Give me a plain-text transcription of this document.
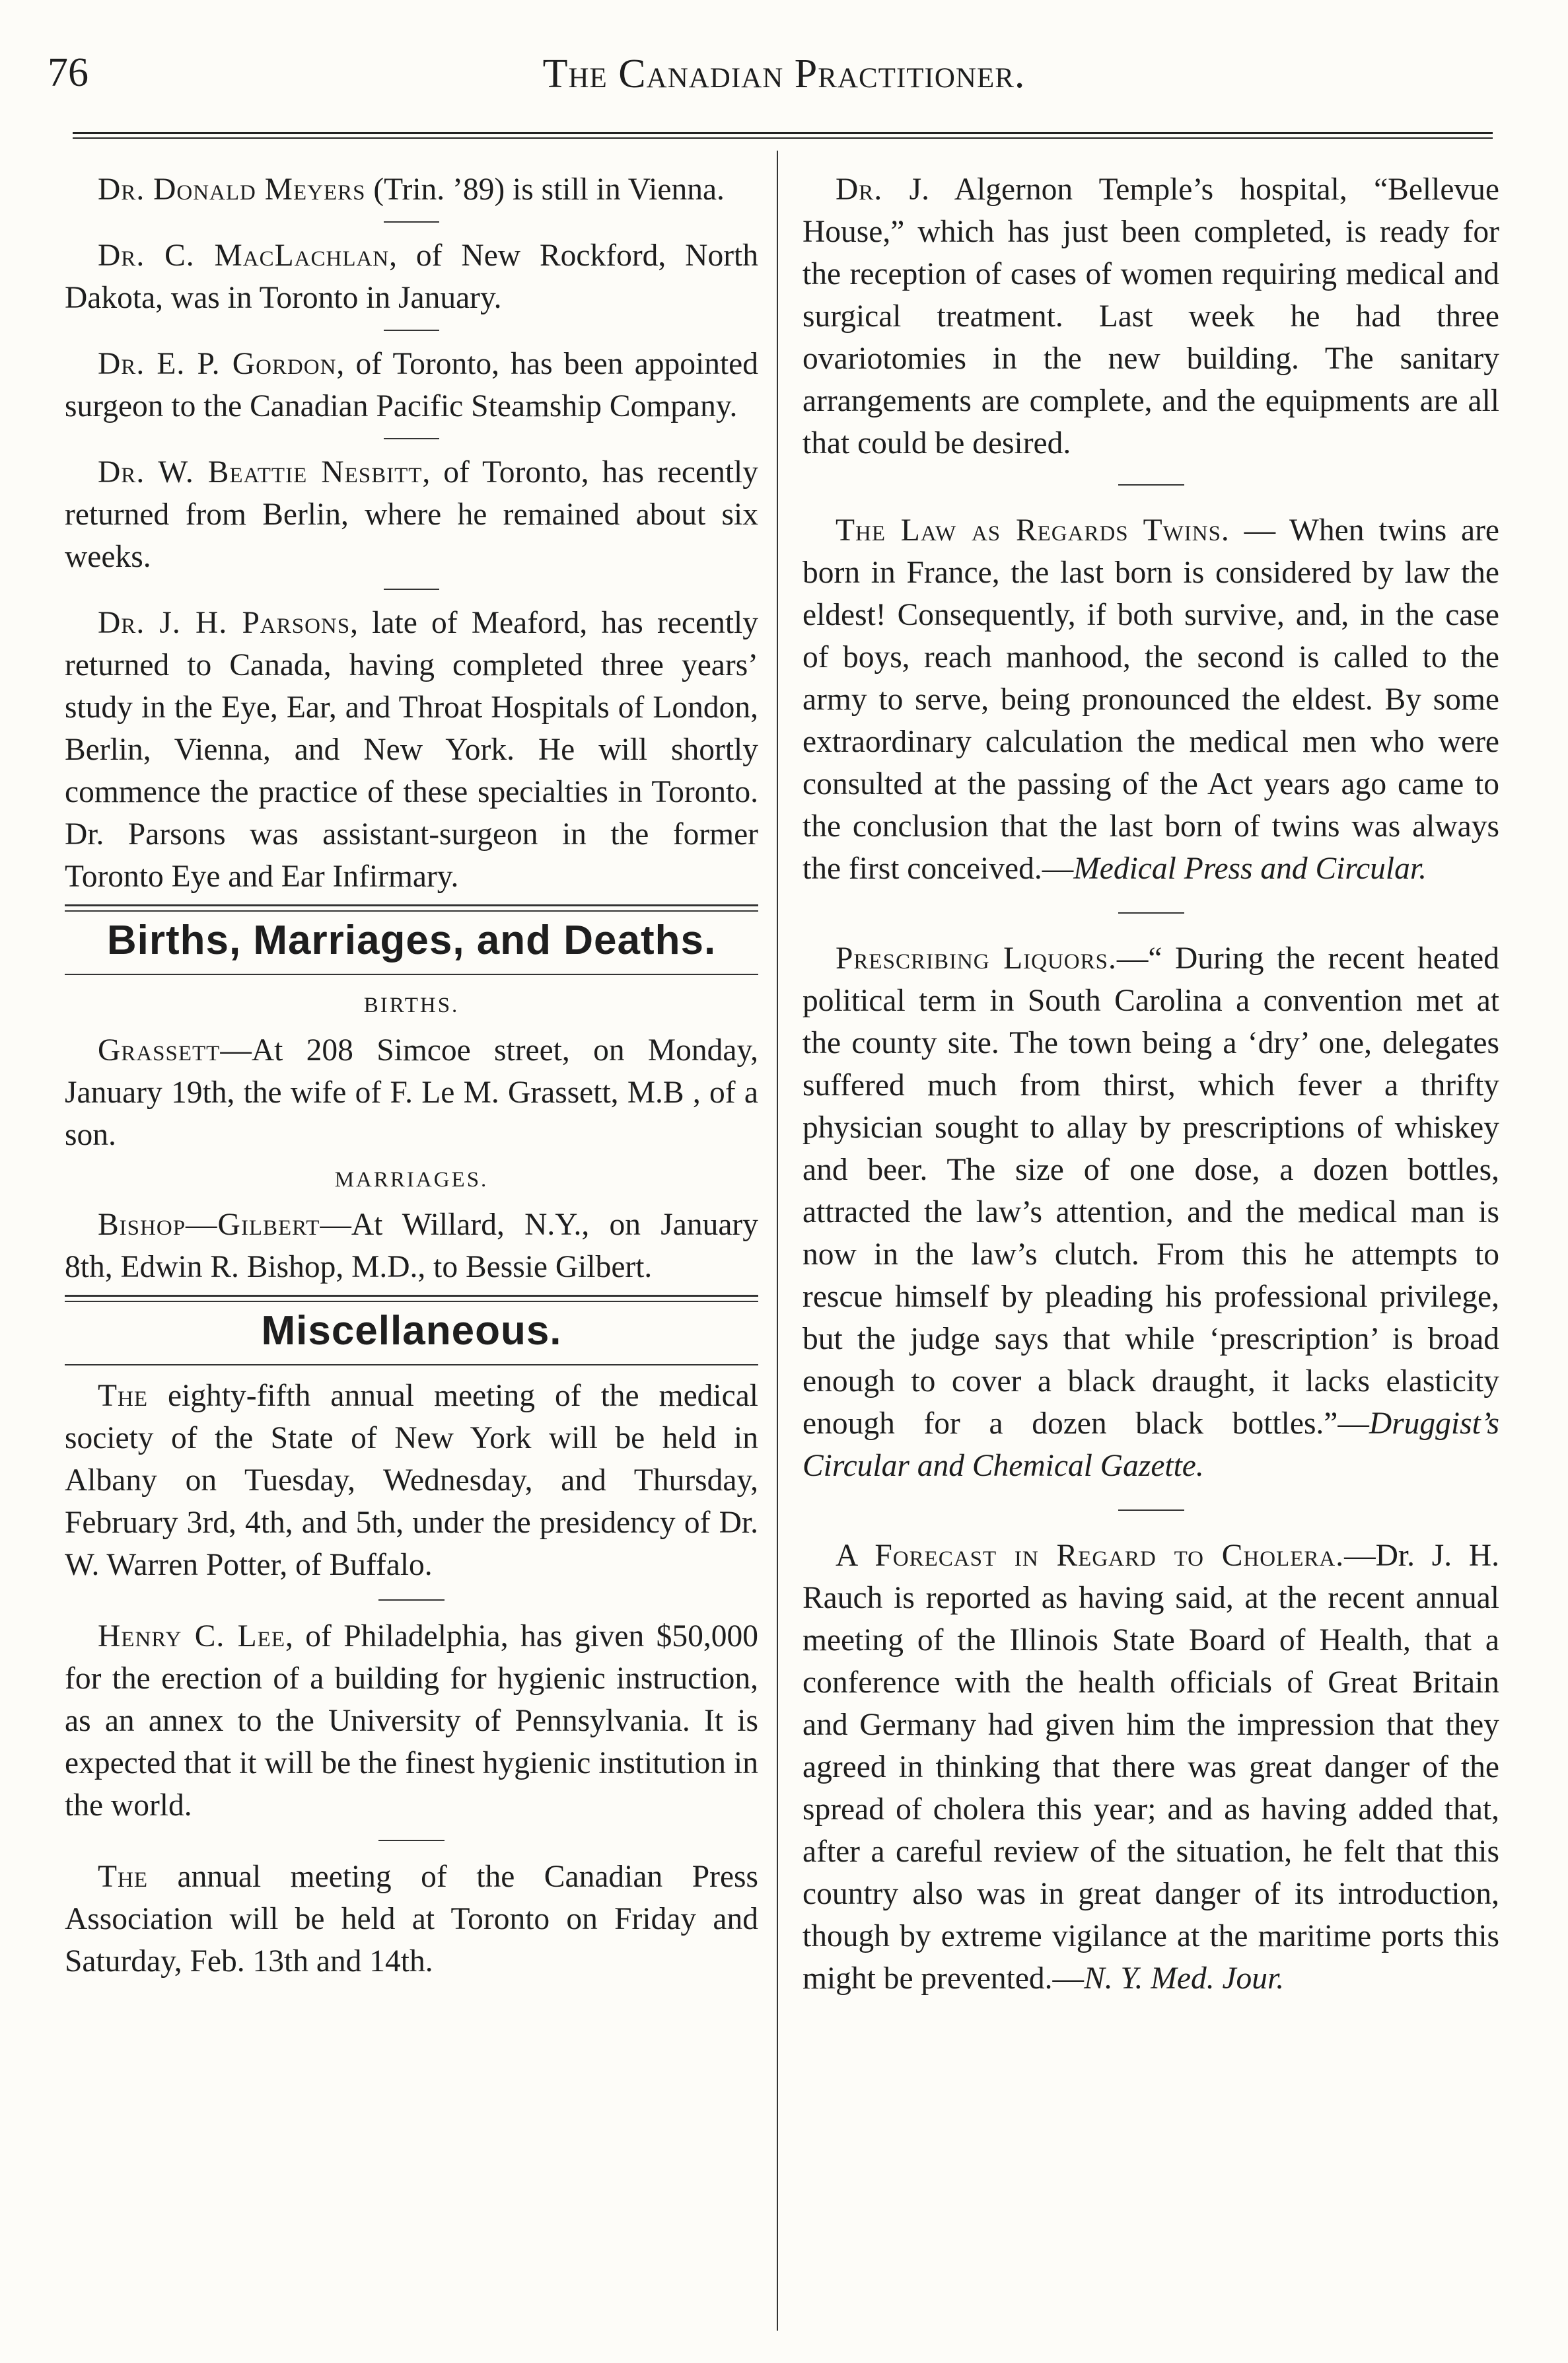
76	The Canadian Practitioner.

Dr. Donald Meyers (Trin. ’89) is still in Vienna.

Dr. C. MacLachlan, of New Rockford, North Dakota, was in Toronto in January.

Dr. E. P. Gordon, of Toronto, has been appointed surgeon to the Canadian Pacific Steamship Company.

Dr. W. Beattie Nesbitt, of Toronto, has recently returned from Berlin, where he remained about six weeks.

Dr. J. H. Parsons, late of Meaford, has recently returned to Canada, having completed three years’ study in the Eye, Ear, and Throat Hospitals of London, Berlin, Vienna, and New York. He will shortly commence the practice of these specialties in Toronto. Dr. Parsons was assistant-surgeon in the former Toronto Eye and Ear Infirmary.

Births, Marriages, and Deaths.
BIRTHS.

Grassett—At 208 Simcoe street, on Monday, January 19th, the wife of F. Le M. Grassett, M.B , of a son.

MARRIAGES.

Bishop—Gilbert—At Willard, N.Y., on January 8th, Edwin R. Bishop, M.D., to Bessie Gilbert.

Miscellaneous.

The eighty-fifth annual meeting of the medical society of the State of New York will be held in Albany on Tuesday, Wednesday, and Thursday, February 3rd, 4th, and 5th, under the presidency of Dr. W. Warren Potter, of Buffalo.

Henry C. Lee, of Philadelphia, has given $50,000 for the erection of a building for hygienic instruction, as an annex to the University of Pennsylvania. It is expected that it will be the finest hygienic institution in the world.

The annual meeting of the Canadian Press Association will be held at Toronto on Friday and Saturday, Feb. 13th and 14th.

Dr. J. Algernon Temple’s hospital, “Bellevue House,” which has just been completed, is ready for the reception of cases of women requiring medical and surgical treatment. Last week he had three ovariotomies in the new building. The sanitary arrangements are complete, and the equipments are all that could be desired.

The Law as Regards Twins. — When twins are born in France, the last born is considered by law the eldest! Consequently, if both survive, and, in the case of boys, reach manhood, the second is called to the army to serve, being pronounced the eldest. By some extraordinary calculation the medical men who were consulted at the passing of the Act years ago came to the conclusion that the last born of twins was always the first conceived.—Medical Press and Circular.

Prescribing Liquors.—“ During the recent heated political term in South Carolina a convention met at the county site. The town being a ‘dry’ one, delegates suffered much from thirst, which fever a thrifty physician sought to allay by prescriptions of whiskey and beer. The size of one dose, a dozen bottles, attracted the law’s attention, and the medical man is now in the law’s clutch. From this he attempts to rescue himself by pleading his professional privilege, but the judge says that while ‘prescription’ is broad enough to cover a black draught, it lacks elasticity enough for a dozen black bottles.”—Druggist’s Circular and Chemical Gazette.

A Forecast in Regard to Cholera.—Dr. J. H. Rauch is reported as having said, at the recent annual meeting of the Illinois State Board of Health, that a conference with the health officials of Great Britain and Germany had given him the impression that they agreed in thinking that there was great danger of the spread of cholera this year; and as having added that, after a careful review of the situation, he felt that this country also was in great danger of its introduction, though by extreme vigilance at the maritime ports this might be prevented.—N. Y. Med. Jour.
